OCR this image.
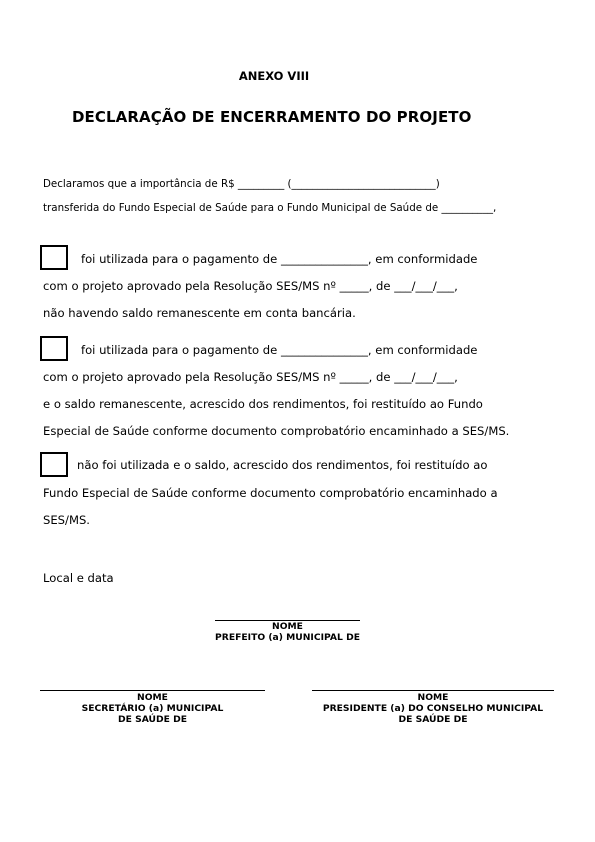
ANEXO VIII
DECLARAÇÃO DE ENCERRAMENTO DO PROJETO
Declaramos que a importância de R$ _________ (____________________________)
transferida do Fundo Especial de Saúde para o Fundo Municipal de Saúde de __________,
foi utilizada para o pagamento de _______________, em conformidade
com o projeto aprovado pela Resolução SES/MS nº _____, de ___/___/___,
não havendo saldo remanescente em conta bancária.
foi utilizada para o pagamento de _______________, em conformidade
com o projeto aprovado pela Resolução SES/MS nº _____, de ___/___/___,
e o saldo remanescente, acrescido dos rendimentos, foi restituído ao Fundo
Especial de Saúde conforme documento comprobatório encaminhado a SES/MS.
não foi utilizada e o saldo, acrescido dos rendimentos, foi restituído ao
Fundo Especial de Saúde conforme documento comprobatório encaminhado a
SES/MS.
Local e data
NOME
PREFEITO (a) MUNICIPAL DE
NOME
SECRETÁRIO (a) MUNICIPAL
DE SAÚDE DE
NOME
PRESIDENTE (a) DO CONSELHO MUNICIPAL
DE SAÚDE DE
